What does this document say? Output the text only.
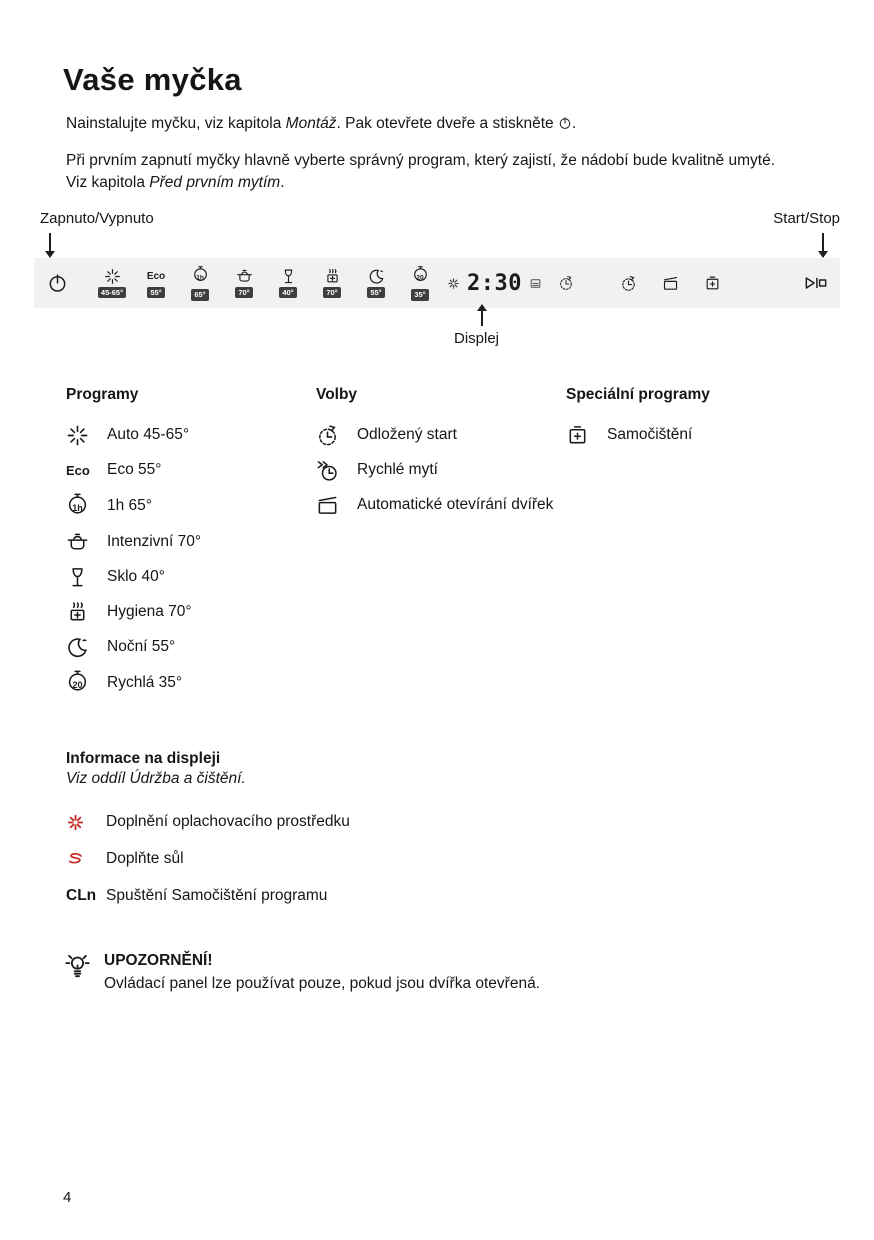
Vaše myčka

Nainstalujte myčku, viz kapitola Montáž. Pak otevřete dveře a stiskněte .

Při prvním zapnutí myčky hlavně vyberte správný program, který zajistí, že nádobí bude kvalitně umyté.
Viz kapitola Před prvním mytím.

Zapnuto/Vypnuto	Start/Stop
45-65°
Eco
55°
1h
65°	70°	40°	70°	55°
20
35° 2:30
Displej
Programy
Auto 45-65°
Eco Eco 55°
1h 1h 65°
Intenzivní 70°
Sklo 40°
Hygiena 70°
Noční 55°
20 Rychlá 35°
Volby
Odložený start
Rychlé mytí
Automatické otevírání dvířek
Speciální programy
Samočištění
Informace na displeji

Viz oddíl Údržba a čištění.

Doplnění oplachovacího prostředku
Doplňte sůl
CLn Spuštění Samočištění programu
UPOZORNĚNÍ!
Ovládací panel lze používat pouze, pokud jsou dvířka otevřená.
4
